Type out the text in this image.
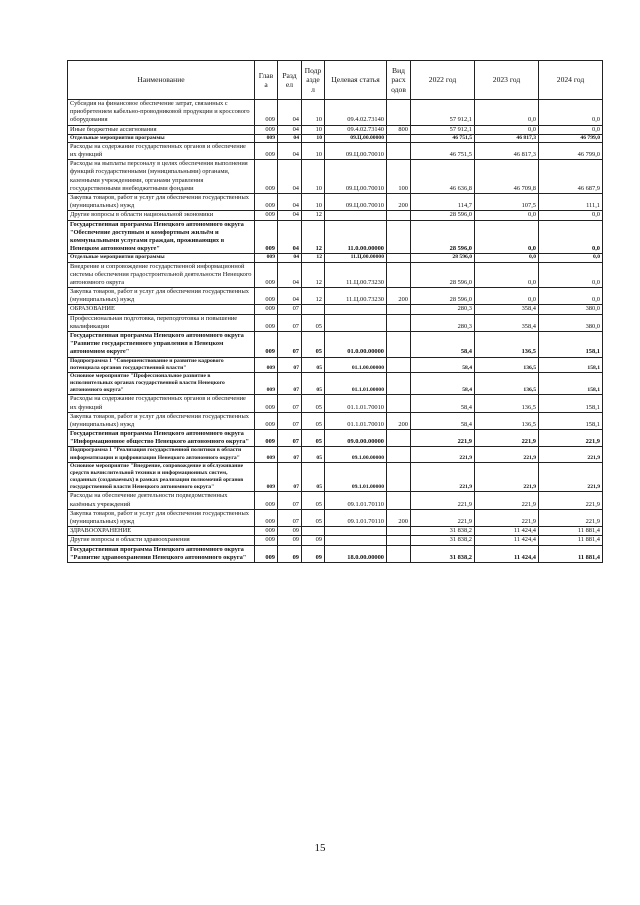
Наименование	Глав а	Разд ел	Подр азде л	Целевая статья	Вид расх одов	2022 год	2023 год	2024 год
Субсидия на финансовое обеспечение затрат, связанных с приобретением кабельно-проводниковой продукции и кроссового оборудования	009	04	10	09.4.02.73140		57 912,1	0,0	0,0
Иные бюджетные ассигнования	009	04	10	09.4.02.73140	800	57 912,1	0,0	0,0
Отдельные мероприятия программы	009	04	10	09.Ц.00.00000		46 751,5	46 817,3	46 799,0
Расходы на содержание государственных органов и обеспечение их функций	009	04	10	09.Ц.00.70010		46 751,5	46 817,3	46 799,0
Расходы на выплаты персоналу в целях обеспечения выполнения функций государственными (муниципальными) органами, казенными учреждениями, органами управления государственными внебюджетными фондами	009	04	10	09.Ц.00.70010	100	46 636,8	46 709,8	46 687,9
Закупка товаров, работ и услуг для обеспечения государственных (муниципальных) нужд	009	04	10	09.Ц.00.70010	200	114,7	107,5	111,1
Другие вопросы в области национальной экономики	009	04	12			28 596,0	0,0	0,0
Государственная программа Ненецкого автономного округа "Обеспечение доступным и комфортным жильём и коммунальными услугами граждан, проживающих в Ненецком автономном округе"	009	04	12	11.0.00.00000		28 596,0	0,0	0,0
Отдельные мероприятия программы	009	04	12	11.Ц.00.00000		28 596,0	0,0	0,0
Внедрение и сопровождение государственной информационной системы обеспечения градостроительной деятельности Ненецкого автономного округа	009	04	12	11.Ц.00.73230		28 596,0	0,0	0,0
Закупка товаров, работ и услуг для обеспечения государственных (муниципальных) нужд	009	04	12	11.Ц.00.73230	200	28 596,0	0,0	0,0
ОБРАЗОВАНИЕ	009	07				280,3	358,4	380,0
Профессиональная подготовка, переподготовка и повышение квалификации	009	07	05			280,3	358,4	380,0
Государственная программа Ненецкого автономного округа "Развитие государственного управления в Ненецком автономном округе"	009	07	05	01.0.00.00000		58,4	136,5	158,1
Подпрограмма 1 "Совершенствование и развитие кадрового потенциала органов государственной власти"	009	07	05	01.1.00.00000		58,4	136,5	158,1
Основное мероприятие "Профессиональное развитие в исполнительных органах государственной власти Ненецкого автономного округа"	009	07	05	01.1.01.00000		58,4	136,5	158,1
Расходы на содержание государственных органов и обеспечение их функций	009	07	05	01.1.01.70010		58,4	136,5	158,1
Закупка товаров, работ и услуг для обеспечения государственных (муниципальных) нужд	009	07	05	01.1.01.70010	200	58,4	136,5	158,1
Государственная программа Ненецкого автономного округа "Информационное общество Ненецкого автономного округа"	009	07	05	09.0.00.00000		221,9	221,9	221,9
Подпрограмма 1 "Реализация государственной политики в области информатизации и цифровизации Ненецкого автономного округа"	009	07	05	09.1.00.00000		221,9	221,9	221,9
Основное мероприятие "Внедрение, сопровождение и обслуживание средств вычислительной техники и информационных систем, созданных (создаваемых) в рамках реализации полномочий органов государственной власти Ненецкого автономного округа"	009	07	05	09.1.01.00000		221,9	221,9	221,9
Расходы на обеспечение деятельности подведомственных казённых учреждений	009	07	05	09.1.01.70110		221,9	221,9	221,9
Закупка товаров, работ и услуг для обеспечения государственных (муниципальных) нужд	009	07	05	09.1.01.70110	200	221,9	221,9	221,9
ЗДРАВООХРАНЕНИЕ	009	09				31 838,2	11 424,4	11 881,4
Другие вопросы в области здравоохранения	009	09	09			31 838,2	11 424,4	11 881,4
Государственная программа Ненецкого автономного округа "Развитие здравоохранения Ненецкого автономного округа"	009	09	09	18.0.00.00000		31 838,2	11 424,4	11 881,4
15
